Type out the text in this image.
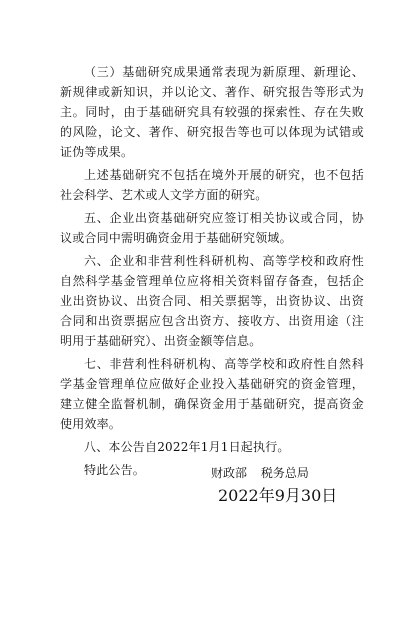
（三）基础研究成果通常表现为新原理、新理论、新规律或新知识，并以论文、著作、研究报告等形式为主。同时，由于基础研究具有较强的探索性、存在失败的风险，论文、著作、研究报告等也可以体现为试错或证伪等成果。

上述基础研究不包括在境外开展的研究，也不包括社会科学、艺术或人文学方面的研究。

五、企业出资基础研究应签订相关协议或合同，协议或合同中需明确资金用于基础研究领域。

六、企业和非营利性科研机构、高等学校和政府性自然科学基金管理单位应将相关资料留存备查，包括企业出资协议、出资合同、相关票据等，出资协议、出资合同和出资票据应包含出资方、接收方、出资用途（注明用于基础研究）、出资金额等信息。

七、非营利性科研机构、高等学校和政府性自然科学基金管理单位应做好企业投入基础研究的资金管理，建立健全监督机制，确保资金用于基础研究，提高资金使用效率。

八、本公告自2022年1月1日起执行。

特此公告。	财政部 税务总局
2022年9月30日
